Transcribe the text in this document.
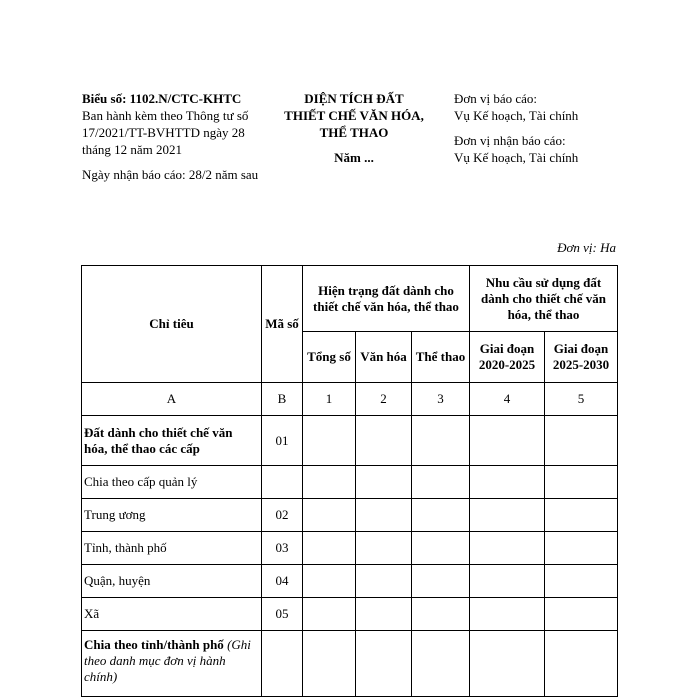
Biểu số: 1102.N/CTC-KHTC
Ban hành kèm theo Thông tư số 17/2021/TT-BVHTTD ngày 28 tháng 12 năm 2021
Ngày nhận báo cáo: 28/2 năm sau
DIỆN TÍCH ĐẤT
THIẾT CHẾ VĂN HÓA, THỂ THAO
Năm ...
Đơn vị báo cáo:
Vụ Kế hoạch, Tài chính
Đơn vị nhận báo cáo:
Vụ Kế hoạch, Tài chính
Đơn vị: Ha
Chỉ tiêu	Mã số	Hiện trạng đất dành cho thiết chế văn hóa, thể thao			Nhu cầu sử dụng đất dành cho thiết chế văn hóa, thể thao	
		Tổng số	Văn hóa	Thể thao	Giai đoạn 2020-2025	Giai đoạn 2025-2030
A	B	1	2	3	4	5
Đất dành cho thiết chế văn hóa, thể thao các cấp	01					
Chia theo cấp quản lý						
Trung ương	02					
Tỉnh, thành phố	03					
Quận, huyện	04					
Xã	05					
Chia theo tỉnh/thành phố (Ghi theo danh mục đơn vị hành chính)						
